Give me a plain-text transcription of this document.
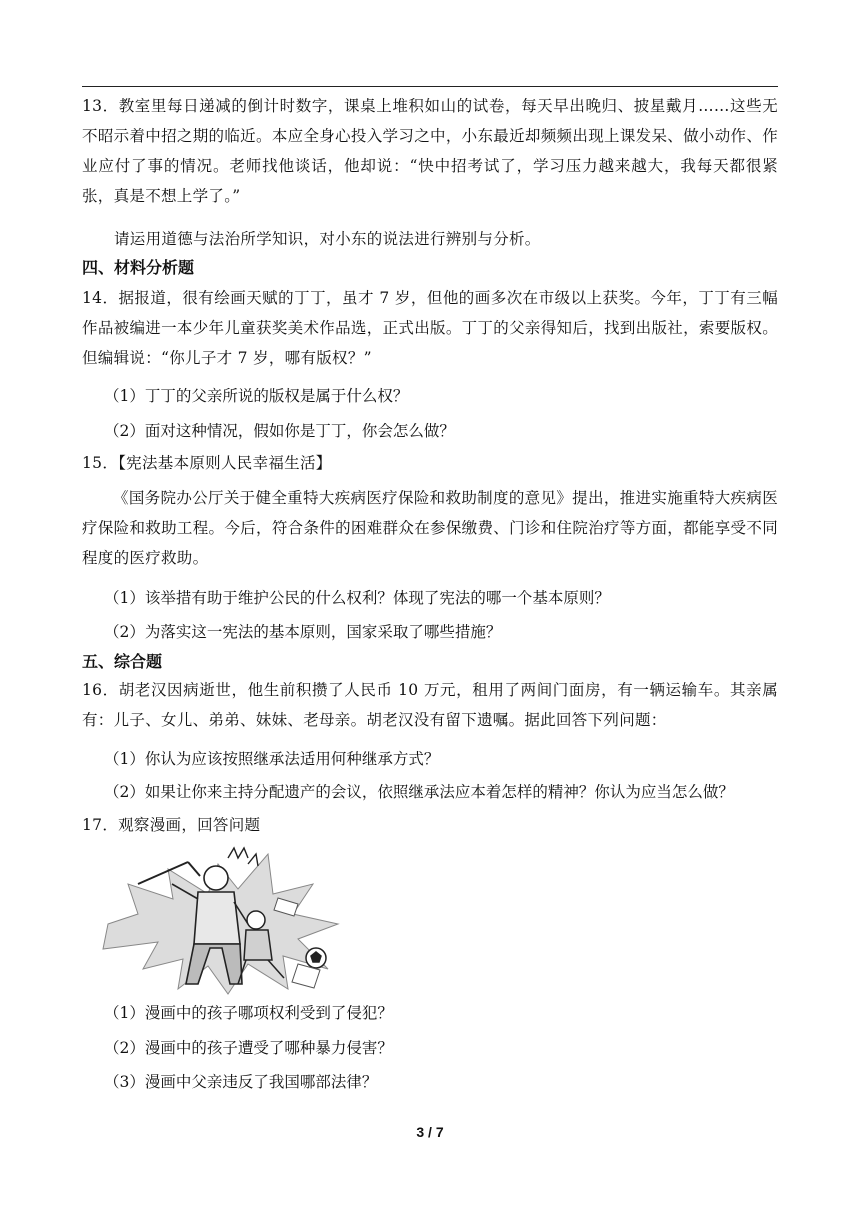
13．教室里每日递减的倒计时数字，课桌上堆积如山的试卷，每天早出晚归、披星戴月……这些无不昭示着中招之期的临近。本应全身心投入学习之中，小东最近却频频出现上课发呆、做小动作、作业应付了事的情况。老师找他谈话，他却说：“快中招考试了，学习压力越来越大，我每天都很紧张，真是不想上学了。”
请运用道德与法治所学知识，对小东的说法进行辨别与分析。
四、材料分析题
14．据报道，很有绘画天赋的丁丁，虽才 7 岁，但他的画多次在市级以上获奖。今年，丁丁有三幅作品被编进一本少年儿童获奖美术作品选，正式出版。丁丁的父亲得知后，找到出版社，索要版权。但编辑说：“你儿子才 7 岁，哪有版权？”
（1）丁丁的父亲所说的版权是属于什么权？
（2）面对这种情况，假如你是丁丁，你会怎么做？
15．【宪法基本原则人民幸福生活】
《国务院办公厅关于健全重特大疾病医疗保险和救助制度的意见》提出，推进实施重特大疾病医疗保险和救助工程。今后，符合条件的困难群众在参保缴费、门诊和住院治疗等方面，都能享受不同程度的医疗救助。
（1）该举措有助于维护公民的什么权利？体现了宪法的哪一个基本原则？
（2）为落实这一宪法的基本原则，国家采取了哪些措施？
五、综合题
16．胡老汉因病逝世，他生前积攒了人民币 10 万元，租用了两间门面房，有一辆运输车。其亲属有：儿子、女儿、弟弟、妹妹、老母亲。胡老汉没有留下遗嘱。据此回答下列问题：
（1）你认为应该按照继承法适用何种继承方式？
（2）如果让你来主持分配遗产的会议，依照继承法应本着怎样的精神？你认为应当怎么做？
17．观察漫画，回答问题
（1）漫画中的孩子哪项权利受到了侵犯？
（2）漫画中的孩子遭受了哪种暴力侵害？
（3）漫画中父亲违反了我国哪部法律？
3 / 7
